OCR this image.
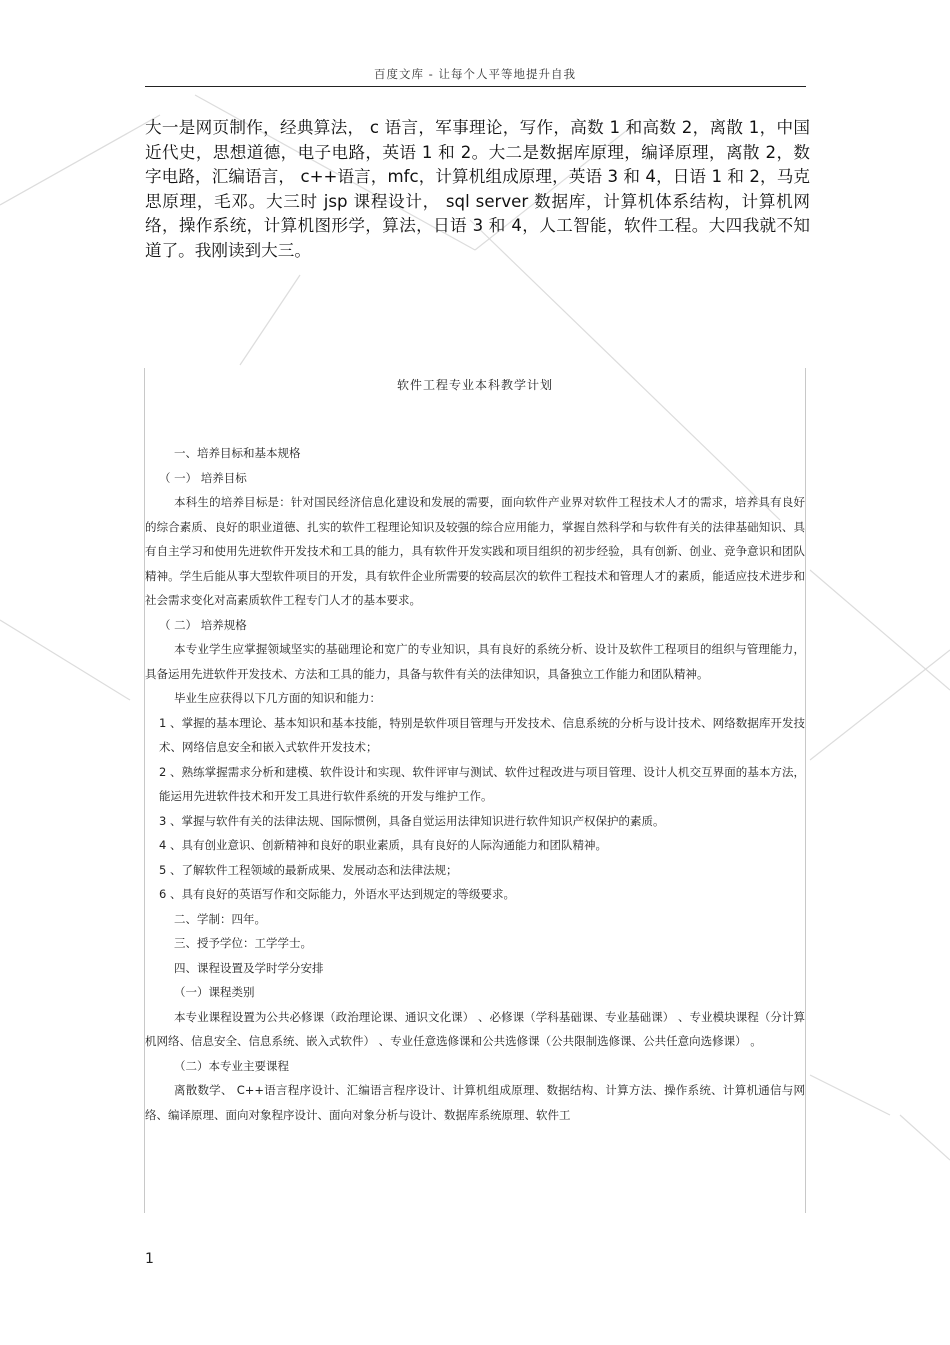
百度文库 - 让每个人平等地提升自我
大一是网页制作，经典算法， c 语言，军事理论，写作，高数 1 和高数 2，离散 1，中国近代史，思想道德，电子电路，英语 1 和 2。大二是数据库原理，编译原理，离散 2，数字电路，汇编语言， c++语言，mfc，计算机组成原理，英语 3 和 4，日语 1 和 2，马克思原理，毛邓。大三时 jsp 课程设计， sql server 数据库，计算机体系结构，计算机网络，操作系统，计算机图形学，算法，日语 3 和 4，人工智能，软件工程。大四我就不知道了。我刚读到大三。
软件工程专业本科教学计划

一、培养目标和基本规格

（ 一） 培养目标

本科生的培养目标是：针对国民经济信息化建设和发展的需要，面向软件产业界对软件工程技术人才的需求，培养具有良好的综合素质、良好的职业道德、扎实的软件工程理论知识及较强的综合应用能力，掌握自然科学和与软件有关的法律基础知识、具有自主学习和使用先进软件开发技术和工具的能力，具有软件开发实践和项目组织的初步经验，具有创新、创业、竞争意识和团队精神。学生后能从事大型软件项目的开发，具有软件企业所需要的较高层次的软件工程技术和管理人才的素质，能适应技术进步和社会需求变化对高素质软件工程专门人才的基本要求。

（ 二） 培养规格

本专业学生应掌握领域坚实的基础理论和宽广的专业知识，具有良好的系统分析、设计及软件工程项目的组织与管理能力，具备运用先进软件开发技术、方法和工具的能力，具备与软件有关的法律知识，具备独立工作能力和团队精神。

毕业生应获得以下几方面的知识和能力：

1 、掌握的基本理论、基本知识和基本技能，特别是软件项目管理与开发技术、信息系统的分析与设计技术、网络数据库开发技术、网络信息安全和嵌入式软件开发技术；

2 、熟练掌握需求分析和建模、软件设计和实现、软件评审与测试、软件过程改进与项目管理、设计人机交互界面的基本方法，能运用先进软件技术和开发工具进行软件系统的开发与维护工作。

3 、掌握与软件有关的法律法规、国际惯例，具备自觉运用法律知识进行软件知识产权保护的素质。

4 、具有创业意识、创新精神和良好的职业素质，具有良好的人际沟通能力和团队精神。

5 、了解软件工程领域的最新成果、发展动态和法律法规；

6 、具有良好的英语写作和交际能力，外语水平达到规定的等级要求。

二、学制：四年。

三、授予学位：工学学士。

四、课程设置及学时学分安排

（一）课程类别

本专业课程设置为公共必修课（政治理论课、通识文化课） 、必修课（学科基础课、专业基础课） 、专业模块课程（分计算机网络、信息安全、信息系统、嵌入式软件） 、专业任意选修课和公共选修课（公共限制选修课、公共任意向选修课） 。

（二）本专业主要课程

离散数学、 C++语言程序设计、汇编语言程序设计、计算机组成原理、数据结构、计算方法、操作系统、计算机通信与网络、编译原理、面向对象程序设计、面向对象分析与设计、数据库系统原理、软件工

1
